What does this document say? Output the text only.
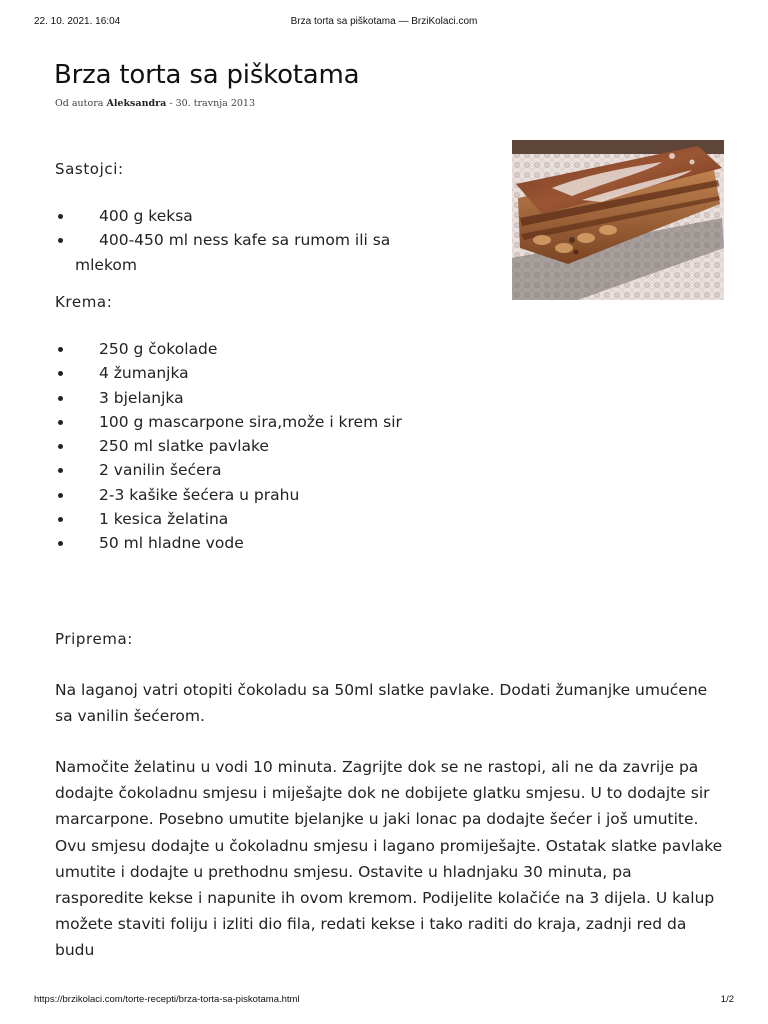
22. 10. 2021. 16:04	Brza torta sa piškotama — BrziKolaci.com
Brza torta sa piškotama
Od autora Aleksandra - 30. travnja 2013
Sastojci:
400 g keksa
400-450 ml ness kafe sa rumom ili sa mlekom
Krema:
250 g čokolade
4 žumanjka
3 bjelanjka
100 g mascarpone sira,može i krem sir
250 ml slatke pavlake
2 vanilin šećera
2-3 kašike šećera u prahu
1 kesica želatina
50 ml hladne vode
Priprema:

Na laganoj vatri otopiti čokoladu sa 50ml slatke pavlake. Dodati žumanjke umućene sa vanilin šećerom.

Namočite želatinu u vodi 10 minuta. Zagrijte dok se ne rastopi, ali ne da zavrije pa dodajte čokoladnu smjesu i miješajte dok ne dobijete glatku smjesu. U to dodajte sir marcarpone. Posebno umutite bjelanjke u jaki lonac pa dodajte šećer i još umutite. Ovu smjesu dodajte u čokoladnu smjesu i lagano promiješajte. Ostatak slatke pavlake umutite i dodajte u prethodnu smjesu. Ostavite u hladnjaku 30 minuta, pa rasporedite kekse i napunite ih ovom kremom. Podijelite kolačiće na 3 dijela. U kalup možete staviti foliju i izliti dio fila, redati kekse i tako raditi do kraja, zadnji red da budu

https://brzikolaci.com/torte-recepti/brza-torta-sa-piskotama.html	1/2
